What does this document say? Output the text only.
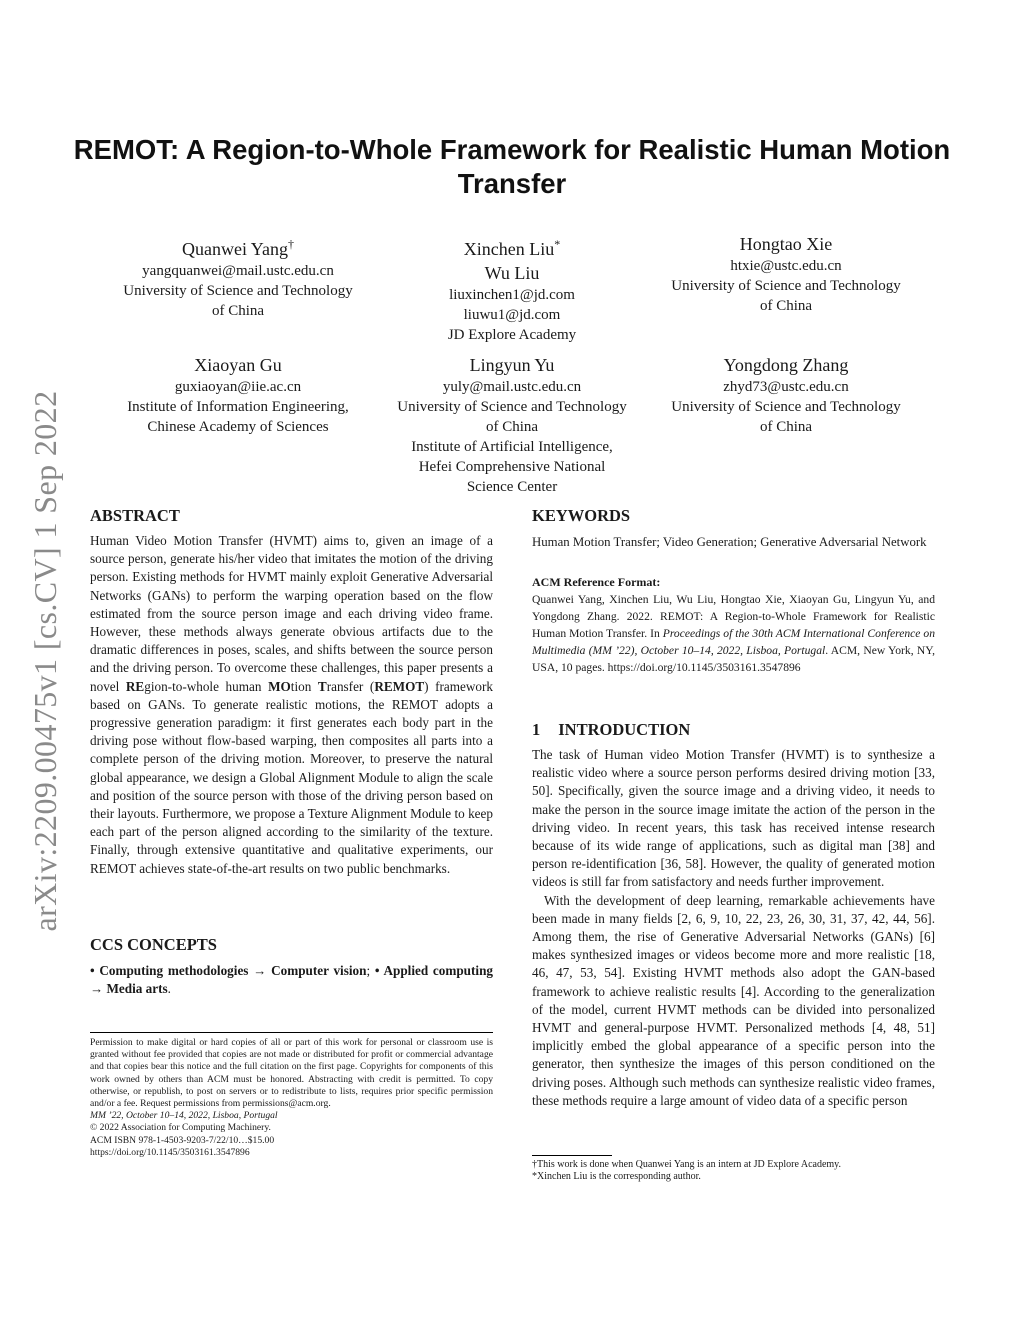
arXiv:2209.00475v1 [cs.CV] 1 Sep 2022
REMOT: A Region-to-Whole Framework for Realistic Human Motion Transfer
Quanwei Yang†
yangquanwei@mail.ustc.edu.cn
University of Science and Technology
of China
Xinchen Liu*
Wu Liu
liuxinchen1@jd.com
liuwu1@jd.com
JD Explore Academy
Hongtao Xie
htxie@ustc.edu.cn
University of Science and Technology
of China
Xiaoyan Gu
guxiaoyan@iie.ac.cn
Institute of Information Engineering,
Chinese Academy of Sciences
Lingyun Yu
yuly@mail.ustc.edu.cn
University of Science and Technology
of China
Institute of Artificial Intelligence,
Hefei Comprehensive National
Science Center
Yongdong Zhang
zhyd73@ustc.edu.cn
University of Science and Technology
of China
ABSTRACT
Human Video Motion Transfer (HVMT) aims to, given an image of a source person, generate his/her video that imitates the motion of the driving person. Existing methods for HVMT mainly exploit Generative Adversarial Networks (GANs) to perform the warping operation based on the flow estimated from the source person image and each driving video frame. However, these methods always generate obvious artifacts due to the dramatic differences in poses, scales, and shifts between the source person and the driving person. To overcome these challenges, this paper presents a novel REgion-to-whole human MOtion Transfer (REMOT) framework based on GANs. To generate realistic motions, the REMOT adopts a progressive generation paradigm: it first generates each body part in the driving pose without flow-based warping, then composites all parts into a complete person of the driving motion. Moreover, to preserve the natural global appearance, we design a Global Alignment Module to align the scale and position of the source person with those of the driving person based on their layouts. Furthermore, we propose a Texture Alignment Module to keep each part of the person aligned according to the similarity of the texture. Finally, through extensive quantitative and qualitative experiments, our REMOT achieves state-of-the-art results on two public benchmarks.
CCS CONCEPTS
• Computing methodologies → Computer vision; • Applied computing → Media arts.
Permission to make digital or hard copies of all or part of this work for personal or classroom use is granted without fee provided that copies are not made or distributed for profit or commercial advantage and that copies bear this notice and the full citation on the first page. Copyrights for components of this work owned by others than ACM must be honored. Abstracting with credit is permitted. To copy otherwise, or republish, to post on servers or to redistribute to lists, requires prior specific permission and/or a fee. Request permissions from permissions@acm.org.
MM ’22, October 10–14, 2022, Lisboa, Portugal
© 2022 Association for Computing Machinery.
ACM ISBN 978-1-4503-9203-7/22/10…$15.00
https://doi.org/10.1145/3503161.3547896
KEYWORDS
Human Motion Transfer; Video Generation; Generative Adversarial Network
ACM Reference Format:
Quanwei Yang, Xinchen Liu, Wu Liu, Hongtao Xie, Xiaoyan Gu, Lingyun Yu, and Yongdong Zhang. 2022. REMOT: A Region-to-Whole Framework for Realistic Human Motion Transfer. In Proceedings of the 30th ACM International Conference on Multimedia (MM ’22), October 10–14, 2022, Lisboa, Portugal. ACM, New York, NY, USA, 10 pages. https://doi.org/10.1145/3503161.3547896
1 INTRODUCTION

The task of Human video Motion Transfer (HVMT) is to synthesize a realistic video where a source person performs desired driving motion [33, 50]. Specifically, given the source image and a driving video, it needs to make the person in the source image imitate the action of the person in the driving video. In recent years, this task has received intense research because of its wide range of applications, such as digital man [38] and person re-identification [36, 58]. However, the quality of generated motion videos is still far from satisfactory and needs further improvement.

With the development of deep learning, remarkable achievements have been made in many fields [2, 6, 9, 10, 22, 23, 26, 30, 31, 37, 42, 44, 56]. Among them, the rise of Generative Adversarial Networks (GANs) [6] makes synthesized images or videos become more and more realistic [18, 46, 47, 53, 54]. Existing HVMT methods also adopt the GAN-based framework to achieve realistic results [4]. According to the generalization of the model, current HVMT methods can be divided into personalized HVMT and general-purpose HVMT. Personalized methods [4, 48, 51] implicitly embed the global appearance of a specific person into the generator, then synthesize the images of this person conditioned on the driving poses. Although such methods can synthesize realistic video frames, these methods require a large amount of video data of a specific person

†This work is done when Quanwei Yang is an intern at JD Explore Academy.
*Xinchen Liu is the corresponding author.
